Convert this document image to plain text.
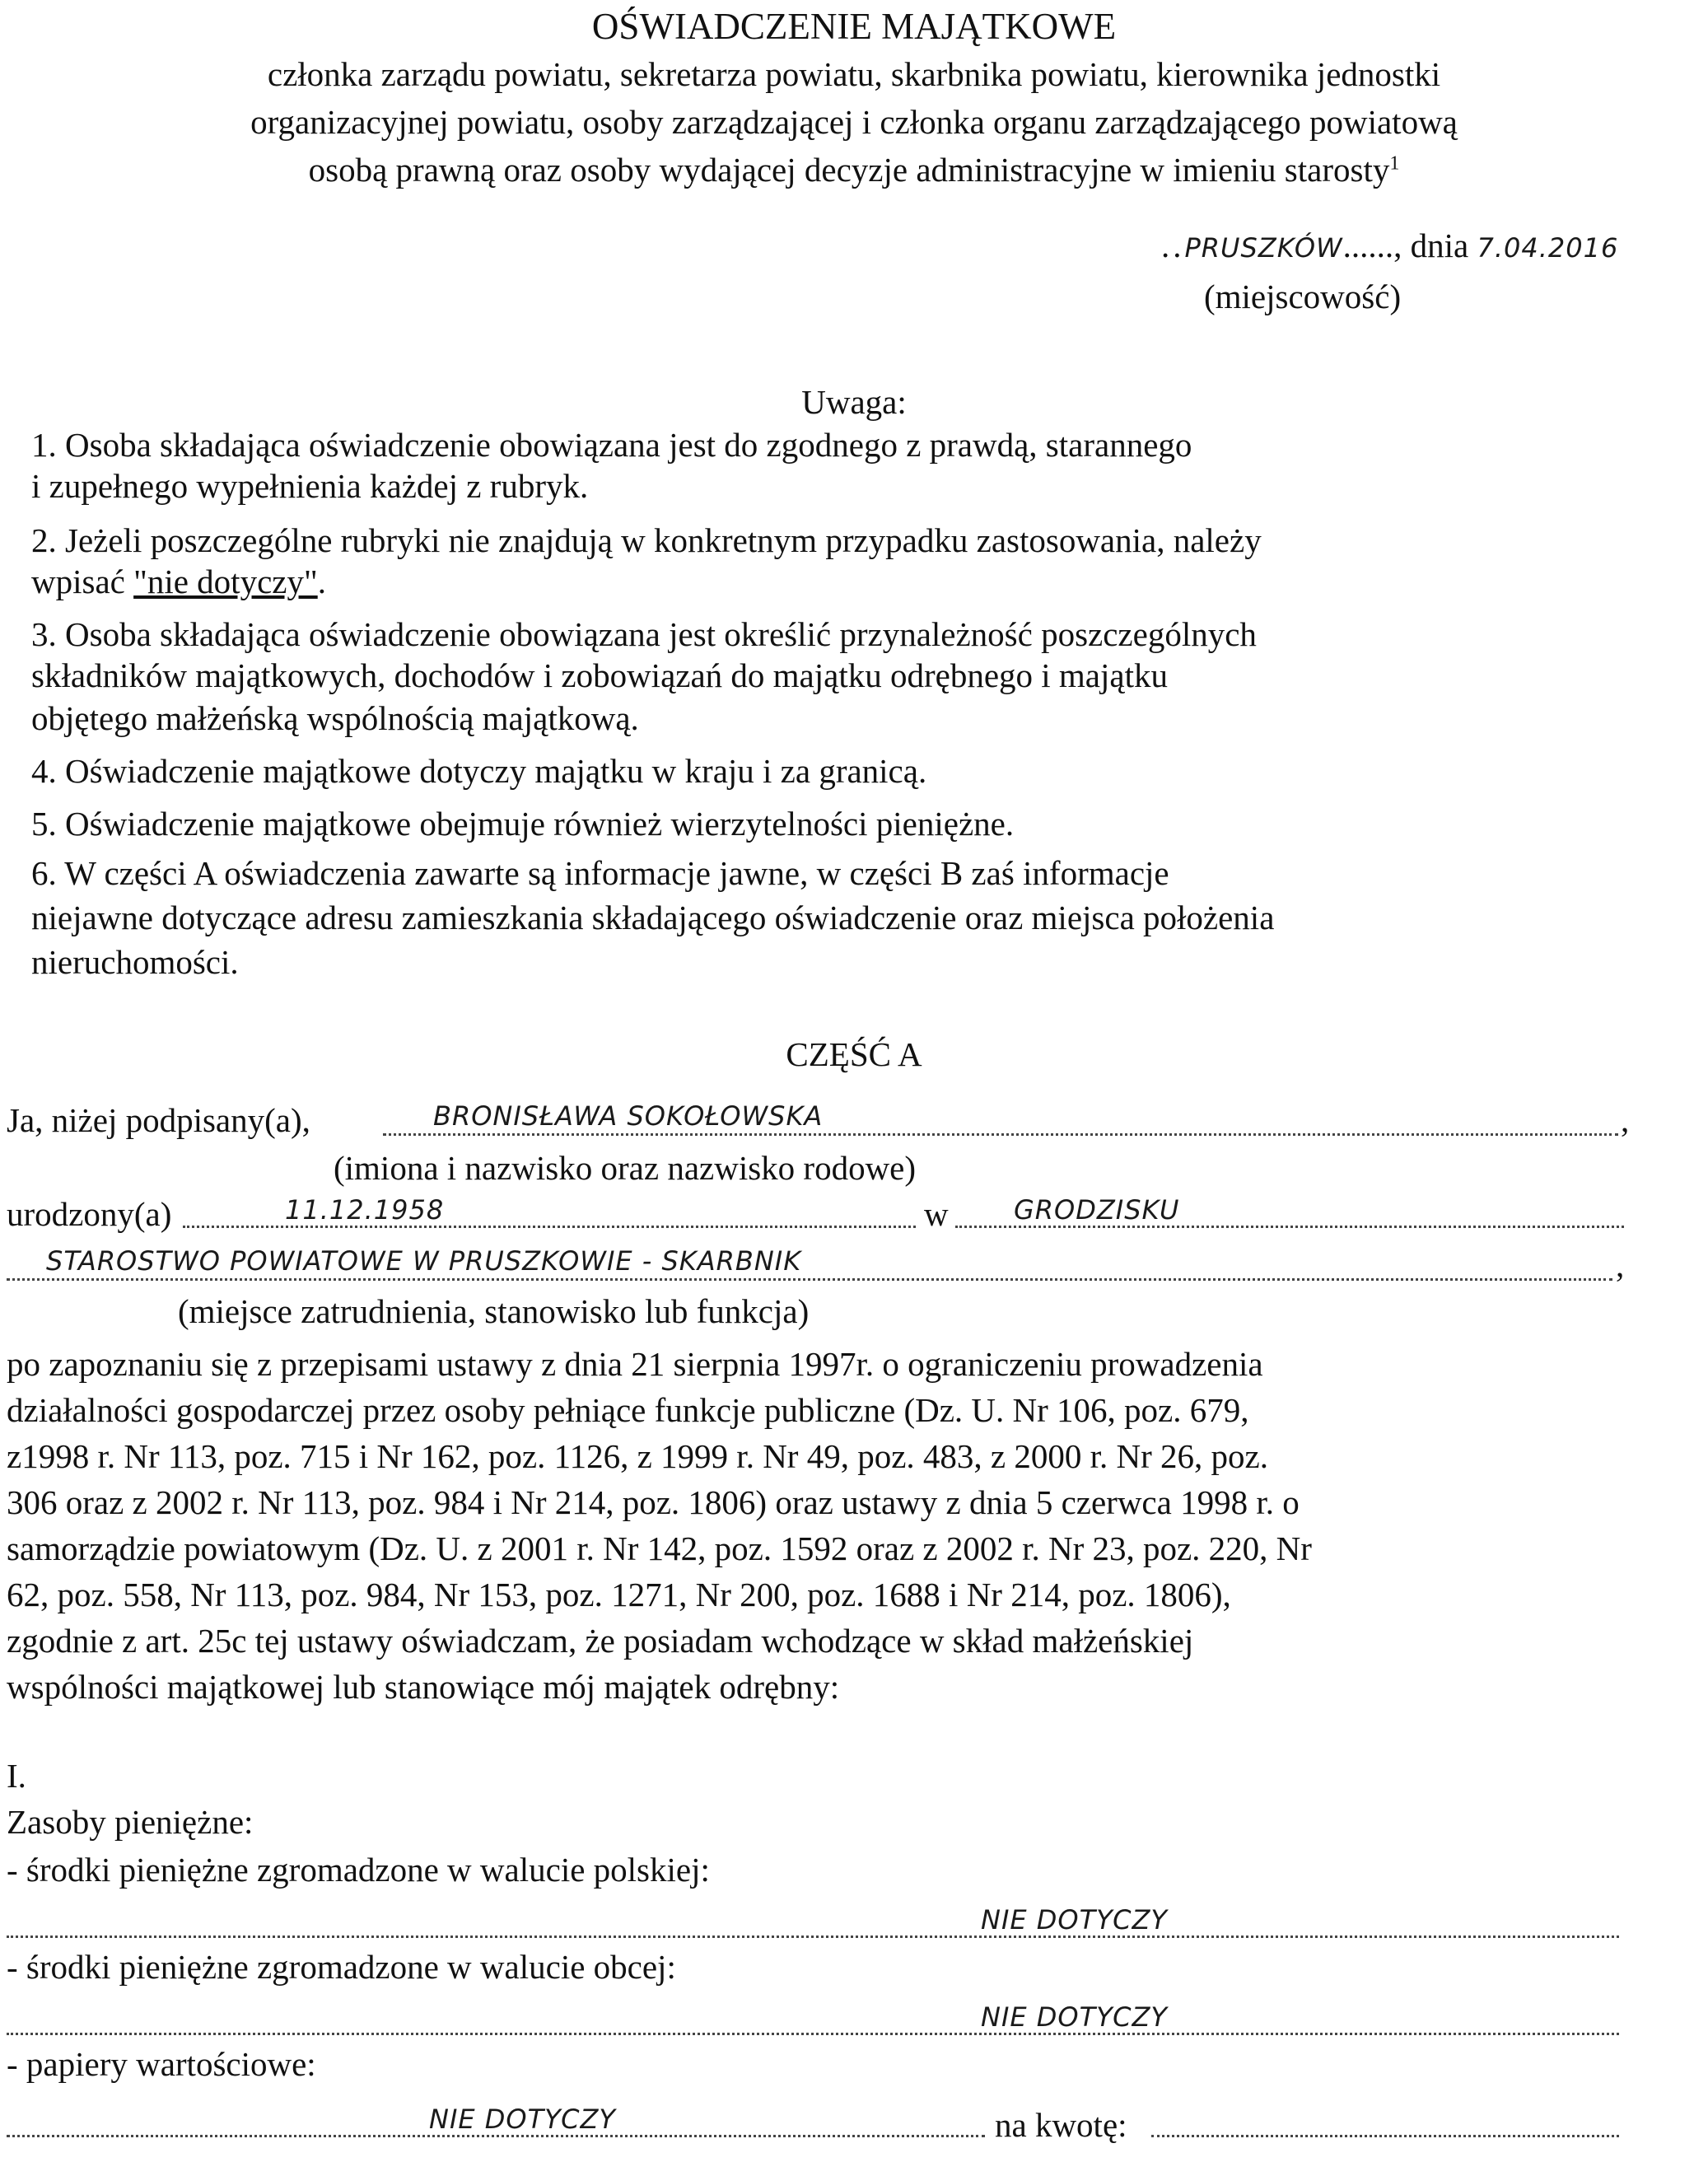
OŚWIADCZENIE MAJĄTKOWE
członka zarządu powiatu, sekretarza powiatu, skarbnika powiatu, kierownika jednostki
organizacyjnej powiatu, osoby zarządzającej i członka organu zarządzającego powiatową
osobą prawną oraz osoby wydającej decyzje administracyjne w imieniu starosty$^1$
..PRUSZKÓW......, dnia 7.04.2016
(miejscowość)
Uwaga:
1. Osoba składająca oświadczenie obowiązana jest do zgodnego z prawdą, starannego
i zupełnego wypełnienia każdej z rubryk.
2. Jeżeli poszczególne rubryki nie znajdują w konkretnym przypadku zastosowania, należy
wpisać "nie dotyczy".
3. Osoba składająca oświadczenie obowiązana jest określić przynależność poszczególnych
składników majątkowych, dochodów i zobowiązań do majątku odrębnego i majątku
objętego małżeńską wspólnością majątkową.
4. Oświadczenie majątkowe dotyczy majątku w kraju i za granicą.
5. Oświadczenie majątkowe obejmuje również wierzytelności pieniężne.
6. W części A oświadczenia zawarte są informacje jawne, w części B zaś informacje
niejawne dotyczące adresu zamieszkania składającego oświadczenie oraz miejsca położenia
nieruchomości.
CZĘŚĆ A
Ja, niżej podpisany(a),	BRONISŁAWA SOKOŁOWSKA	,
(imiona i nazwisko oraz nazwisko rodowe)
urodzony(a)	11.12.1958	w GRODZISKU
STAROSTWO POWIATOWE W PRUSZKOWIE - SKARBNIK	,
(miejsce zatrudnienia, stanowisko lub funkcja)
po zapoznaniu się z przepisami ustawy z dnia 21 sierpnia 1997r. o ograniczeniu prowadzenia
działalności gospodarczej przez osoby pełniące funkcje publiczne (Dz. U. Nr 106, poz. 679,
z1998 r. Nr 113, poz. 715 i Nr 162, poz. 1126, z 1999 r. Nr 49, poz. 483, z 2000 r. Nr 26, poz.
306 oraz z 2002 r. Nr 113, poz. 984 i Nr 214, poz. 1806) oraz ustawy z dnia 5 czerwca 1998 r. o
samorządzie powiatowym (Dz. U. z 2001 r. Nr 142, poz. 1592 oraz z 2002 r. Nr 23, poz. 220, Nr
62, poz. 558, Nr 113, poz. 984, Nr 153, poz. 1271, Nr 200, poz. 1688 i Nr 214, poz. 1806),
zgodnie z art. 25c tej ustawy oświadczam, że posiadam wchodzące w skład małżeńskiej
wspólności majątkowej lub stanowiące mój majątek odrębny:
I.
Zasoby pieniężne:
- środki pieniężne zgromadzone w walucie polskiej:
NIE DOTYCZY
- środki pieniężne zgromadzone w walucie obcej:
NIE DOTYCZY
- papiery wartościowe:
NIE DOTYCZY	na kwotę:
